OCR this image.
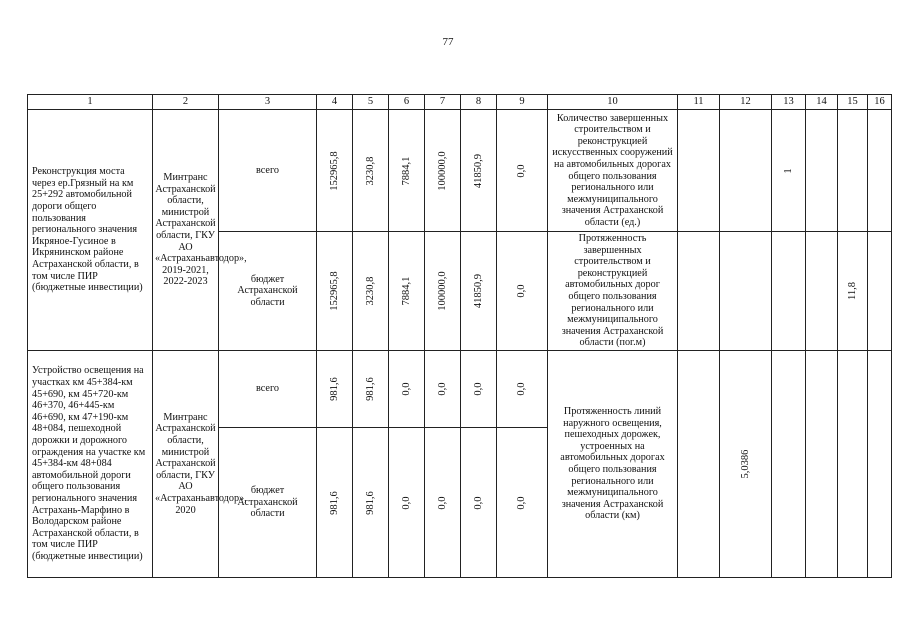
77
1	2	3	4	5	6	7	8	9	10	11	12	13	14	15	16
Реконструкция моста через ер.Грязный на км 25+292 автомобильной дороги общего пользования регионального значения Икряное-Гусиное в Икрянинском районе Астраханской области, в том числе ПИР (бюджетные инвестиции)	Минтранс Астраханской области, министрой Астраханской области, ГКУ АО «Астраханьавтодор», 2019-2021, 2022-2023	всего	152965,8	3230,8	7884,1	100000,0	41850,9	0,0	Количество завершенных строительством и реконструкцией искусственных сооружений на автомобильных дорогах общего пользования регионального или межмуниципального значения Астраханской области (ед.)			1			

		бюджет Астраханской области	152965,8	3230,8	7884,1	100000,0	41850,9	0,0	Протяженность завершенных строительством и реконструкцией автомобильных дорог общего пользования регионального или межмуниципального значения Астраханской области (пог.м)					11,8	

Устройство освещения на участках км 45+384-км 45+690, км 45+720-км 46+370, 46+445-км 46+690, км 47+190-км 48+084, пешеходной дорожки и дорожного ограждения на участке км 45+384-км 48+084 автомобильной дороги общего пользования регионального значения Астрахань-Марфино в Володарском районе Астраханской области, в том числе ПИР (бюджетные инвестиции)	Минтранс Астраханской области, министрой Астраханской области, ГКУ АО «Астраханьавтодор», 2020	всего	981,6	981,6	0,0	0,0	0,0	0,0	Протяженность линий наружного освещения, пешеходных дорожек, устроенных на автомобильных дорогах общего пользования регионального или межмуниципального значения Астраханской области (км)		5,0386				

		бюджет Астраханской области	981,6	981,6	0,0	0,0	0,0	0,0							
